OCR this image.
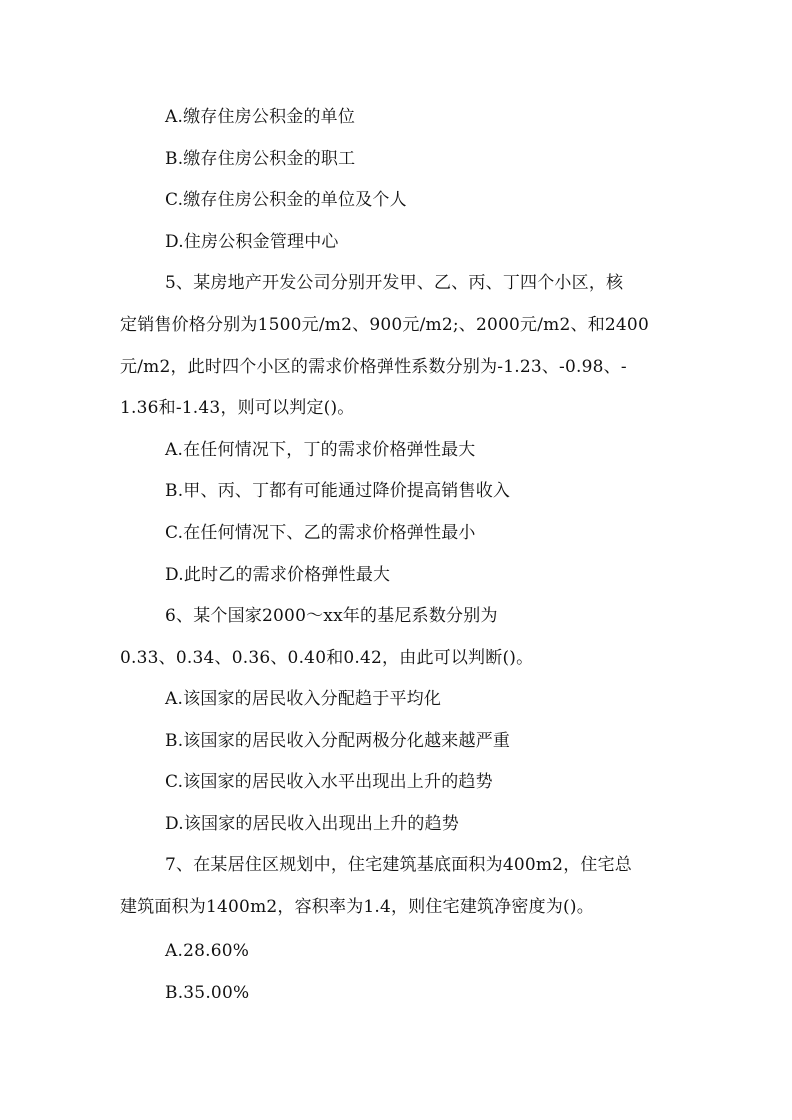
A.缴存住房公积金的单位
B.缴存住房公积金的职工
C.缴存住房公积金的单位及个人
D.住房公积金管理中心
5、某房地产开发公司分别开发甲、乙、丙、丁四个小区，核
定销售价格分别为1500元/m2、900元/m2;、2000元/m2、和2400
元/m2，此时四个小区的需求价格弹性系数分别为-1.23、-0.98、-
1.36和-1.43，则可以判定()。
A.在任何情况下，丁的需求价格弹性最大
B.甲、丙、丁都有可能通过降价提高销售收入
C.在任何情况下、乙的需求价格弹性最小
D.此时乙的需求价格弹性最大
6、某个国家2000～xx年的基尼系数分别为
0.33、0.34、0.36、0.40和0.42，由此可以判断()。
A.该国家的居民收入分配趋于平均化
B.该国家的居民收入分配两极分化越来越严重
C.该国家的居民收入水平出现出上升的趋势
D.该国家的居民收入出现出上升的趋势
7、在某居住区规划中，住宅建筑基底面积为400m2，住宅总
建筑面积为1400m2，容积率为1.4，则住宅建筑净密度为()。
A.28.60%
B.35.00%
